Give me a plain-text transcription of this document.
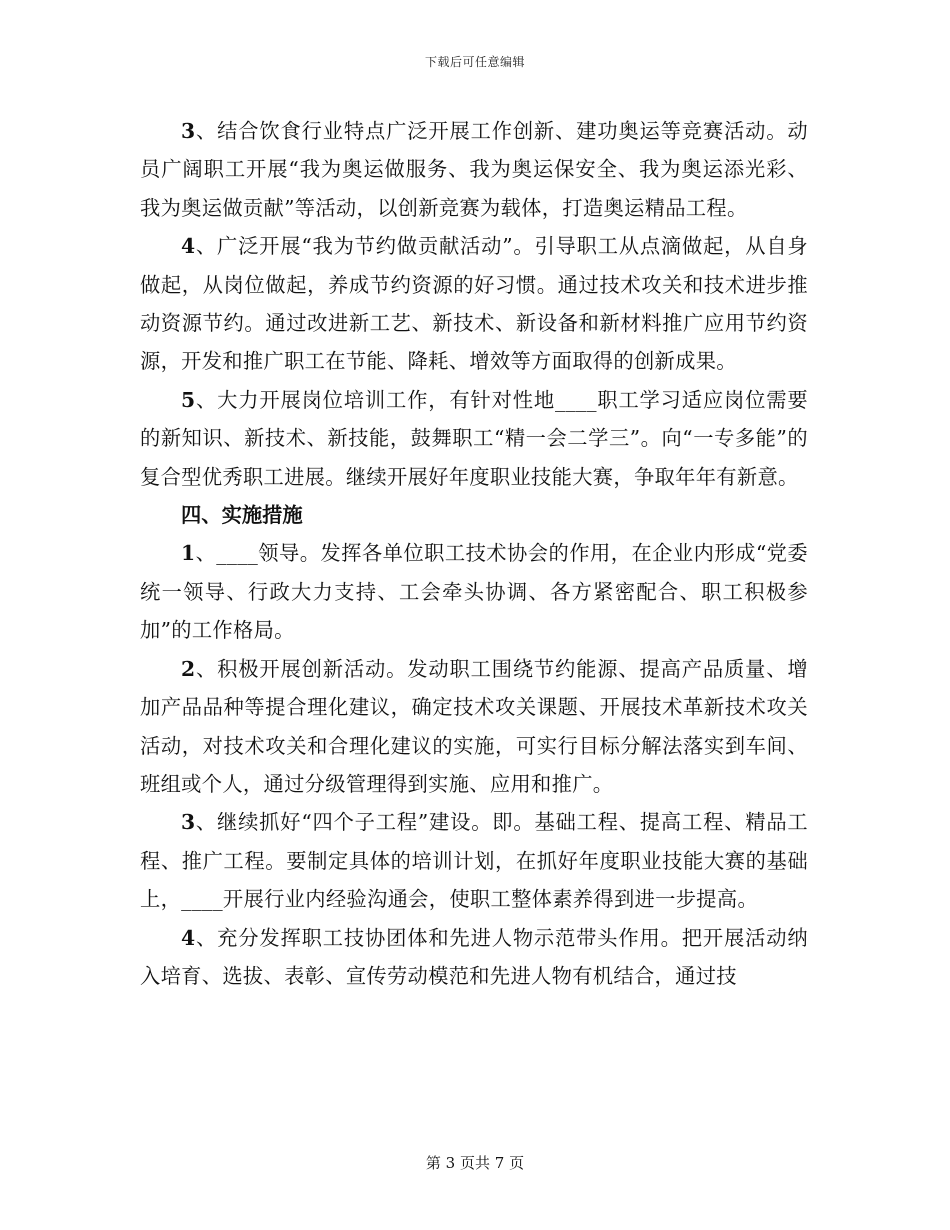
下载后可任意编辑

3、结合饮食行业特点广泛开展工作创新、建功奥运等竞赛活动。动员广阔职工开展“我为奥运做服务、我为奥运保安全、我为奥运添光彩、我为奥运做贡献”等活动，以创新竞赛为载体，打造奥运精品工程。

4、广泛开展“我为节约做贡献活动”。引导职工从点滴做起，从自身做起，从岗位做起，养成节约资源的好习惯。通过技术攻关和技术进步推动资源节约。通过改进新工艺、新技术、新设备和新材料推广应用节约资源，开发和推广职工在节能、降耗、增效等方面取得的创新成果。

5、大力开展岗位培训工作，有针对性地____职工学习适应岗位需要的新知识、新技术、新技能，鼓舞职工“精一会二学三”。向“一专多能”的复合型优秀职工进展。继续开展好年度职业技能大赛，争取年年有新意。

四、实施措施

1、____领导。发挥各单位职工技术协会的作用，在企业内形成“党委统一领导、行政大力支持、工会牵头协调、各方紧密配合、职工积极参加”的工作格局。

2、积极开展创新活动。发动职工围绕节约能源、提高产品质量、增加产品品种等提合理化建议，确定技术攻关课题、开展技术革新技术攻关活动，对技术攻关和合理化建议的实施，可实行目标分解法落实到车间、班组或个人，通过分级管理得到实施、应用和推广。

3、继续抓好“四个子工程”建设。即。基础工程、提高工程、精品工程、推广工程。要制定具体的培训计划，在抓好年度职业技能大赛的基础上，____开展行业内经验沟通会，使职工整体素养得到进一步提高。

4、充分发挥职工技协团体和先进人物示范带头作用。把开展活动纳入培育、选拔、表彰、宣传劳动模范和先进人物有机结合，通过技

第 3 页共 7 页
